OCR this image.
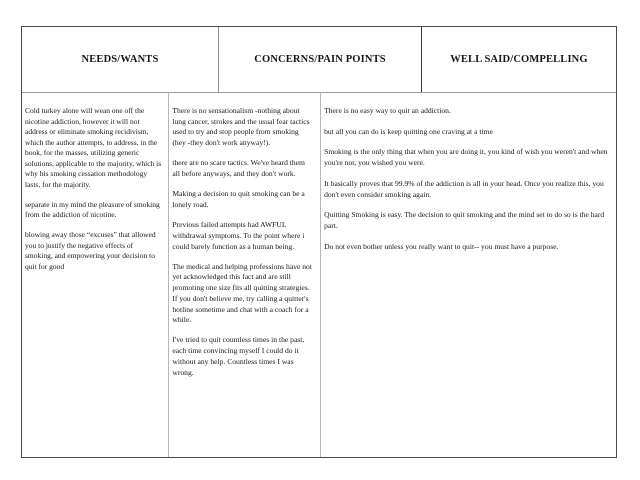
NEEDS/WANTS	CONCERNS/PAIN POINTS	WELL SAID/COMPELLING

Cold turkey alone will wean one off the nicotine addiction, however it will not address or eliminate smoking recidivism, which the author attempts, to address, in the book, for the masses, utilizing generic solutions, applicable to the majority, which is why his smoking cessation methodology lasts, for the majority.

separate in my mind the pleasure of smoking from the addiction of nicotine.

blowing away those “excuses” that allowed you to justify the negative effects of smoking, and empowering your decision to quit for good

There is no sensationalism -nothing about lung cancer, strokes and the usual fear tactics used to try and stop people from smoking (hey -they don't work anyway!).

there are no scare tactics. We've heard them all before anyways, and they don't work.

Making a decision to quit smoking can be a lonely road.

Previous failed attempts had AWFUL withdrawal symptoms. To the point where i could barely function as a human being.

The medical and helping professions have not yet acknowledged this fact and are still promoting one size fits all quitting strategies. If you don't believe me, try calling a quitter's hotline sometime and chat with a coach for a while.

I've tried to quit countless times in the past, each time convincing myself I could do it without any help. Countless times I was wrong.

There is no easy way to quit an addiction.

but all you can do is keep quitting one craving at a time

Smoking is the only thing that when you are doing it, you kind of wish you weren't and when you're not, you wished you were.

It basically proves that 99.9% of the addiction is all in your head. Once you realize this, you don't even consider smoking again.

Quitting Smoking is easy. The decision to quit smoking and the mind set to do so is the hard part.

Do not even bother unless you really want to quit-- you must have a purpose.
